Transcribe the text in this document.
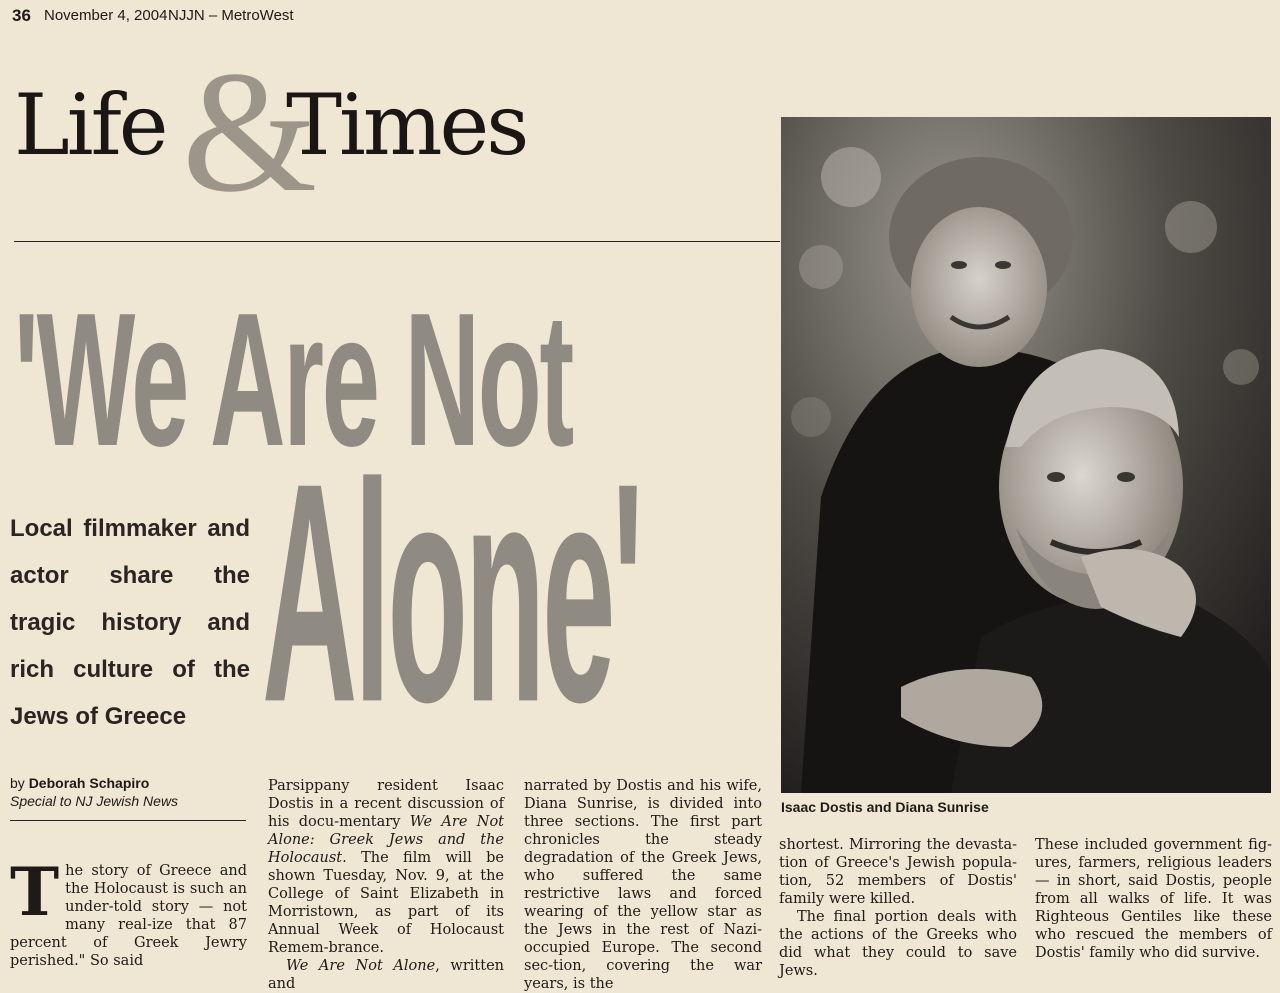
36 November 4, 2004 NJJN – MetroWest
&
Life Times
Local filmmaker and actor share the tragic history and rich culture of the Jews of Greece
'We Are Not
Alone'
Isaac Dostis and Diana Sunrise
by Deborah Schapiro
Special to NJ Jewish News
T he story of Greece and the Holocaust is such an under-told story — not many real-ize that 87 percent of Greek Jewry perished." So said

Parsippany resident Isaac Dostis in a recent discussion of his docu-mentary We Are Not Alone: Greek Jews and the Holocaust. The film will be shown Tuesday, Nov. 9, at the College of Saint Elizabeth in Morristown, as part of its Annual Week of Holocaust Remem-brance.

We Are Not Alone, written and

narrated by Dostis and his wife, Diana Sunrise, is divided into three sections. The first part chronicles the steady degradation of the Greek Jews, who suffered the same restrictive laws and forced wearing of the yellow star as the Jews in the rest of Nazi-occupied Europe. The second sec-tion, covering the war years, is the

shortest. Mirroring the devasta-tion of Greece's Jewish popula-tion, 52 members of Dostis' family were killed.

The final portion deals with the actions of the Greeks who did what they could to save Jews.

These included government fig-ures, farmers, religious leaders — in short, said Dostis, people from all walks of life. It was Righteous Gentiles like these who rescued the members of Dostis' family who did survive.
